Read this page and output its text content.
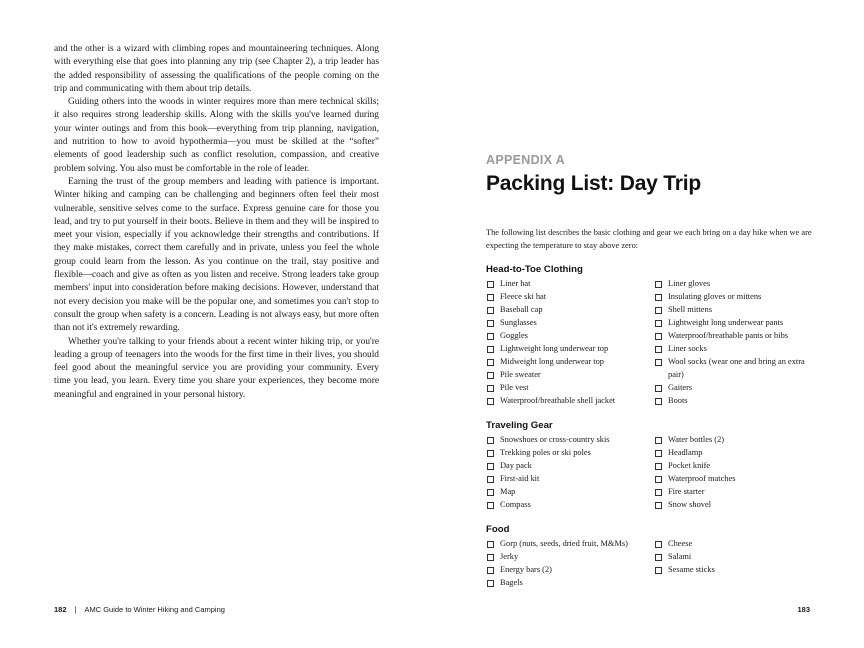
and the other is a wizard with climbing ropes and mountaineering techniques. Along with everything else that goes into planning any trip (see Chapter 2), a trip leader has the added responsibility of assessing the qualifications of the people coming on the trip and communicating with them about trip details.

Guiding others into the woods in winter requires more than mere technical skills; it also requires strong leadership skills. Along with the skills you've learned during your winter outings and from this book—everything from trip planning, navigation, and nutrition to how to avoid hypothermia—you must be skilled at the “softer” elements of good leadership such as conflict resolution, compassion, and creative problem solving. You also must be comfortable in the role of leader.

Earning the trust of the group members and leading with patience is important. Winter hiking and camping can be challenging and beginners often feel their most vulnerable, sensitive selves come to the surface. Express genuine care for those you lead, and try to put yourself in their boots. Believe in them and they will be inspired to meet your vision, especially if you acknowledge their strengths and contributions. If they make mistakes, correct them carefully and in private, unless you feel the whole group could learn from the lesson. As you continue on the trail, stay positive and flexible—coach and give as often as you listen and receive. Strong leaders take group members' input into consideration before making decisions. However, understand that not every decision you make will be the popular one, and sometimes you can't stop to consult the group when safety is a concern. Leading is not always easy, but more often than not it's extremely rewarding.

Whether you're talking to your friends about a recent winter hiking trip, or you're leading a group of teenagers into the woods for the first time in their lives, you should feel good about the meaningful service you are providing your community. Every time you lead, you learn. Every time you share your experiences, they become more meaningful and engrained in your personal history.

182 | AMC Guide to Winter Hiking and Camping
APPENDIX A
Packing List: Day Trip
The following list describes the basic clothing and gear we each bring on a day hike when we are expecting the temperature to stay above zero:
Head-to-Toe Clothing
Liner hat
Fleece ski hat
Baseball cap
Sunglasses
Goggles
Lightweight long underwear top
Midweight long underwear top
Pile sweater
Pile vest
Waterproof/breathable shell jacket
Liner gloves
Insulating gloves or mittens
Shell mittens
Lightweight long underwear pants
Waterproof/breathable pants or bibs
Liner socks
Wool socks (wear one and bring an extra pair)
Gaiters
Boots
Traveling Gear
Snowshoes or cross-country skis
Trekking poles or ski poles
Day pack
First-aid kit
Map
Compass
Water bottles (2)
Headlamp
Pocket knife
Waterproof matches
Fire starter
Snow shovel
Food
Gorp (nuts, seeds, dried fruit, M&Ms)
Jerky
Energy bars (2)
Bagels
Cheese
Salami
Sesame sticks
183
